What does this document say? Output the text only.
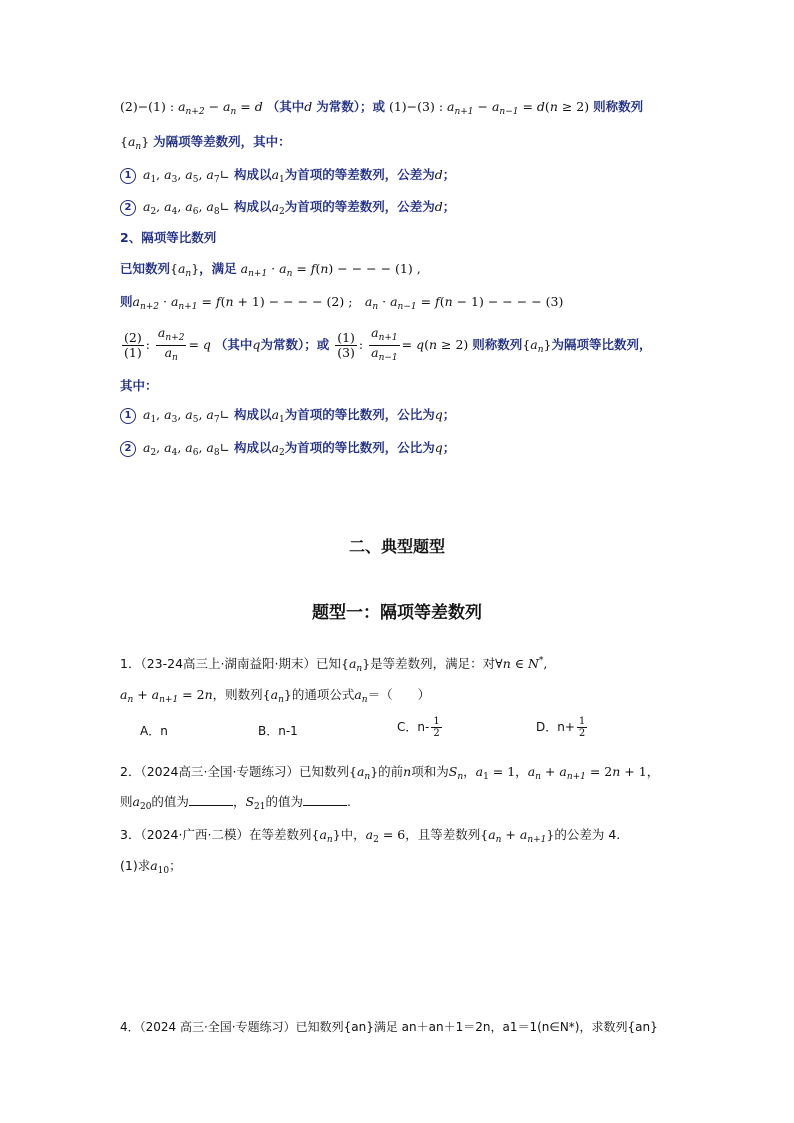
(2)−(1) : $a_{n+2} - a_n = d$ （其中d 为常数）；或 (1)−(3) : $a_{n+1} - a_{n-1} = d(n \ge 2)$ 则称数列
$\{a_n\}$ 为隔项等差数列，其中：
1 $a_1$, $a_3$, $a_5$, $a_7∟$ 构成以$a_1$为首项的等差数列，公差为d；
2 $a_2$, $a_4$, $a_6$, $a_8∟$ 构成以$a_2$为首项的等差数列，公差为d；
2、隔项等比数列
已知数列$\{a_n\}$，满足 $a_{n+1} \cdot a_n = f(n)$ − − − − (1) ,
则$a_{n+2} \cdot a_{n+1} = f(n + 1)$ − − − − (2) ;　$a_n \cdot a_{n-1} = f(n - 1)$ − − − − (3)
$\frac{(2)}{(1)}$ : $\frac{a_{n+2}}{a_n} = q$ （其中q为常数）；或 $\frac{(1)}{(3)}$ : $\frac{a_{n+1}}{a_{n-1}} = q(n \ge 2)$ 则称数列$\{a_n\}$为隔项等比数列，
其中：
1 $a_1$, $a_3$, $a_5$, $a_7∟$ 构成以$a_1$为首项的等比数列，公比为q；
2 $a_2$, $a_4$, $a_6$, $a_8∟$ 构成以$a_2$为首项的等比数列，公比为q；
二、典型题型
题型一：隔项等差数列
1．（23-24高三上·湖南益阳·期末）已知$\{a_n\}$是等差数列，满足：对∀n ∈ N*,
$a_n + a_{n+1} = 2n$，则数列$\{a_n\}$的通项公式$a_n=$（　　）
A．n	B．n-1	C．$n- \frac{1}{2}$	D．$n+ \frac{1}{2}$
2．（2024高三·全国·专题练习）已知数列$\{a_n\}$的前n项和为$S_n$，$a_1 = 1$，$a_n + a_{n+1} = 2n + 1$，
则$a_{20}$的值为	，$S_{21}$的值为	.
3．（2024·广西·二模）在等差数列$\{a_n\}$中，$a_2 = 6$，且等差数列$\{a_n + a_{n+1}\}$的公差为 4.
(1)求$a_{10}$；
4．（2024 高三·全国·专题练习）已知数列{an}满足 an＋an＋1＝2n，a1＝1(n∈N*)，求数列{an}
